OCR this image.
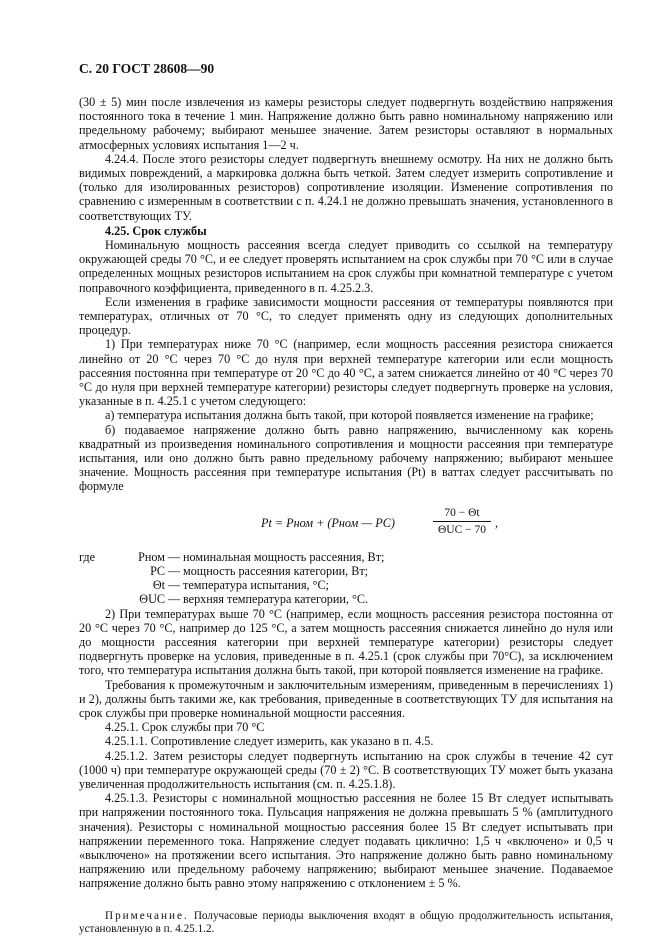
С. 20 ГОСТ 28608—90

(30 ± 5) мин после извлечения из камеры резисторы следует подвергнуть воздействию напряжения постоянного тока в течение 1 мин. Напряжение должно быть равно номинальному напряжению или предельному рабочему; выбирают меньшее значение. Затем резисторы оставляют в нормальных атмосферных условиях испытания 1—2 ч.

4.24.4. После этого резисторы следует подвергнуть внешнему осмотру. На них не должно быть видимых повреждений, а маркировка должна быть четкой. Затем следует измерить сопротивление и (только для изолированных резисторов) сопротивление изоляции. Изменение сопротивления по сравнению с измеренным в соответствии с п. 4.24.1 не должно превышать значения, установленного в соответствующих ТУ.

4.25. Срок службы

Номинальную мощность рассеяния всегда следует приводить со ссылкой на температуру окружающей среды 70 °С, и ее следует проверять испытанием на срок службы при 70 °С или в случае определенных мощных резисторов испытанием на срок службы при комнатной температуре с учетом поправочного коэффициента, приведенного в п. 4.25.2.3.

Если изменения в графике зависимости мощности рассеяния от температуры появляются при температурах, отличных от 70 °С, то следует применять одну из следующих дополнительных процедур.

1) При температурах ниже 70 °С (например, если мощность рассеяния резистора снижается линейно от 20 °С через 70 °С до нуля при верхней температуре категории или если мощность рассеяния постоянна при температуре от 20 °С до 40 °С, а затем снижается линейно от 40 °С через 70 °С до нуля при верхней температуре категории) резисторы следует подвергнуть проверке на условия, указанные в п. 4.25.1 с учетом следующего:

а) температура испытания должна быть такой, при которой появляется изменение на графике;

б) подаваемое напряжение должно быть равно напряжению, вычисленному как корень квадратный из произведения номинального сопротивления и мощности рассеяния при температуре испытания, или оно должно быть равно предельному рабочему напряжению; выбирают меньшее значение. Мощность рассеяния при температуре испытания (Pt) в ваттах следует рассчитывать по формуле

Pt = Pном + (Pном — PC)
70 − Θt
ΘUC − 70
,
где	Pном — номинальная мощность рассеяния, Вт;
PC — мощность рассеяния категории, Вт;
Θt — температура испытания, °С;
ΘUC — верхняя температура категории, °С.

2) При температурах выше 70 °С (например, если мощность рассеяния резистора постоянна от 20 °С через 70 °С, например до 125 °С, а затем мощность рассеяния снижается линейно до нуля или до мощности рассеяния категории при верхней температуре категории) резисторы следует подвергнуть проверке на условия, приведенные в п. 4.25.1 (срок службы при 70°С), за исключением того, что температура испытания должна быть такой, при которой появляется изменение на графике.

Требования к промежуточным и заключительным измерениям, приведенным в перечислениях 1) и 2), должны быть такими же, как требования, приведенные в соответствующих ТУ для испытания на срок службы при проверке номинальной мощности рассеяния.

4.25.1. Срок службы при 70 °С

4.25.1.1. Сопротивление следует измерить, как указано в п. 4.5.

4.25.1.2. Затем резисторы следует подвергнуть испытанию на срок службы в течение 42 сут (1000 ч) при температуре окружающей среды (70 ± 2) °С. В соответствующих ТУ может быть указана увеличенная продолжительность испытания (см. п. 4.25.1.8).

4.25.1.3. Резисторы с номинальной мощностью рассеяния не более 15 Вт следует испытывать при напряжении постоянного тока. Пульсация напряжения не должна превышать 5 % (амплитудного значения). Резисторы с номинальной мощностью рассеяния более 15 Вт следует испытывать при напряжении переменного тока. Напряжение следует подавать циклично: 1,5 ч «включено» и 0,5 ч «выключено» на протяжении всего испытания. Это напряжение должно быть равно номинальному напряжению или предельному рабочему напряжению; выбирают меньшее значение. Подаваемое напряжение должно быть равно этому напряжению с отклонением ± 5 %.

Примечание. Получасовые периоды выключения входят в общую продолжительность испытания, установленную в п. 4.25.1.2.
